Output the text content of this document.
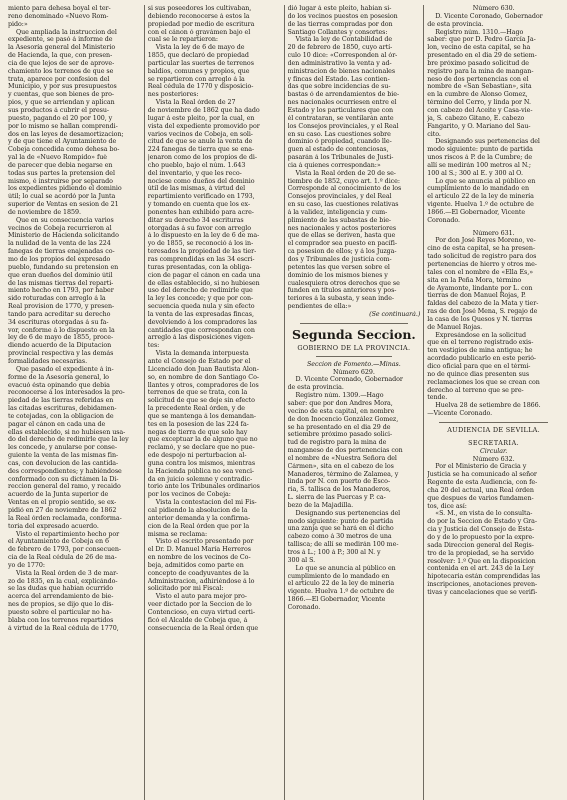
miento para dehesa boyal el ter-
reno denominado «Nuevo Rom-
pido:»
Que ampliada la instruccion del
expediente, se pasó á informe de
la Asesoría general del Ministerio
de Hacienda, la que, con presen-
cia de que lejos de ser de aprove-
chamiento los terrenos de que se
trata, aparece por confesion del
Municipio, y por sus presupuestos
y cuentas, que son bienes de pro-
pios, y que se arriendan y aplican
sus productos á cubrir el presu-
puesto, pagando el 20 por 100, y
por lo mismo se hallan comprendi-
dos en las leyes de desamortizacion;
y de que tiene el Ayuntamiento de
Cobeja concedida como dehesa bo-
yal la de «Nuevo Rompido» fuè
de parecer que debia negarse en
todas sus partes la pretension del
mismo, é instruirse por separado
los expedientes pidiendo el dominio
útil; lo cual se acordó por la Junta
superior de Ventas en sesion de 21
de noviembre de 1859.
Que en su consecuencia varios
vecinos de Cobeja recurrieron al
Ministerio de Hacienda solicitando
la nulidad de la venta de las 224
fanegas de tierras enajenadas co-
mo de los propios del expresado
pueblo, fundando su pretension en
que eran dueños del dominio útil
de las mismas tierras del reparti-
miento hecho en 1793, por haber
sido roturadas con arreglo á la
Real provision de 1770, y presen-
tando para acreditar su derecho
34 escrituras otorgadas á su fa-
vor, conforme á lo dispuesto en la
ley de 6 de mayo de 1855, proce-
diendo acuerdo de la Diputacion
provincial respectiva y las demás
formalidades necesarias.
Que pasado el expediente á in-
forme de la Asesoría general, lo
evacuó ésta opinando que debia
reconocerse á los interesados la pro-
piedad de las tierras referidas en
las citadas escrituras, debidamen-
te cotejadas, con la obligacion de
pagar el cánon en cada una de
ellas establecido, si no hubiesen usa-
do del derecho de redimirle que la ley
les concede, y anularse por conse-
guiente la venta de las mismas fin-
cas, con devolucion de las cantida-
des correspondientes; y habiéndose
conformado con su dictámen la Di-
reccion general del ramo, y recaido
acuerdo de la Junta superior de
Ventas en el propio sentido, se ex-
pidió en 27 de noviembre de 1862
la Real órden reclamada, conforma-
toria del expresado acuerdo.
Visto el repartimiento hecho por
el Ayuntamiento de Cobeja en 6
de febrero de 1793, por consecuen-
cia de la Real cédula de 26 de ma-
yo de 1770:
Vista la Real órden de 3 de mar-
zo de 1835, en la cual, explicándo-
se las dudas que habian ocurrido
acerca del arrendamiento de bie-
nes de propios, se dijo que lo dis-
puesto sobre el particular no ha-
blaba con los terrenos repartidos
á virtud de la Real cédula de 1770,
si sus poseedores los cultivaban,
debiendo reconocerse á estos la
propiedad por medio de escritura
con el cánon ó gravámen bajo el
cual se le repartieron:
Vista la ley de 6 de mayo de
1855, que declaró de propiedad
particular las suertes de terrenos
baldíos, comunes y propios, que
se repartieron con arreglo á la
Real cédula de 1770 y disposicio-
nes posteriores:
Vista la Real órden de 27
de noviembre de 1862 que ha dado
lugar á este pleito, por la cual, en
vista del expediente promovido por
varios vecinos de Cobeja, en soli-
citud de que se anule la venta de
224 fanegas de tierra que se ena-
jenaron como de los propios de di-
cho pueblo, bajo el núm. 1.643
del inventario, y que les reco-
nociese como dueños del dominio
útil de las mismas, á virtud del
repartimiento verificado en 1793,
y tomando en cuenta que los ex-
ponentes han exhibido para acre-
ditar su derecho 34 escrituras
otorgadas á su favor con arreglo
á lo dispuesto en la ley de 6 de ma-
yo de 1855, se reconoció á los in-
teresados la propiedad de las tier-
ras comprendidas en las 34 escri-
turas presentadas, con la obliga-
cion de pagar el cánon en cada una
de ellas establecido, si no hubiesen
uso del derecho de redimirle que
la ley les concede; y que por con-
secuencia queda nula y sin efecto
la venta de las expresadas fincas,
devolviendo á los compradores las
cantidades que correspondan con
arreglo á las disposiciones vigen-
tes:
Vista la demanda interpuesta
ante el Consejo de Estado por el
Licenciado don Juan Bautista Alon-
so, en nombre de don Santiago Co-
llantes y otros, compradores de los
terrenos de que se trata, con la
solicitud de que se deje sin efecto
la precedente Real órden, y de
que se mantenga á los demandan-
tes en la posesion de las 224 fa-
negas de tierra de que solo hay
que exceptuar la de alguno que no
reclamó, y se declare que no pue-
ede despojo ni perturbacion al-
guna contra los mismos, mientras
la Hacienda pública no sea venci-
da en juicio solemne y contradic-
torio ante los Tribunales ordinarios
por los vecinos de Cobeja:
Vista la contestacion del mi Fis-
cal pidiendo la absolucion de la
anterior demanda y la confirma-
cion de la Real órden que por la
misma se reclama:
Visto el escrito presentado por
el Dr. D. Manuel María Herreros
en nombre de los vecinos de Co-
beja, admitidos como parte en
concepto de coadyuvantes de la
Administracion, adhiriéndose á lo
solicitado por mi Fiscal:
Visto el auto para mejor pro-
veer dictado por la Seccion de lo
Contencioso, en cuya virtud certi-
ficó el Alcalde de Cobeja que, á
consecuencia de la Real órden que
dió lugar á este pleito, habian si-
do los vecinos puestos en posesion
de las tierras compradas por don
Santiago Collantes y consortes:
Vista la ley de Contabilidad de
20 de febrero de 1850, cuyo artí-
culo 10 dice: «Corresponden al ór-
den administrativo la venta y ad-
ministracion de bienes nacionales
y fincas del Estado. Las contien-
das que sobre incidencias de su-
bastas ó de arrendamientos de bie-
nes nacionales ocurriesen entre el
Estado y los particulares que con
él contrataran, se ventilarán ante
los Consejos provinciales, y el Real
en su caso. Las cuestiones sobre
dominio ó propiedad, cuando lle-
guen al estado de contenciosas,
pasarán á los Tribunales de Justi-
cia á quienes correspondan:»
Vista la Real órden de 20 de se-
tiembre de 1852, cuyo art. 1.º dice:
Corresponde al conocimiento de los
Consejos provinciales, y del Real
en su caso, las cuestiones relativas
á la validez, inteligencia y cum-
plimiento de las subastas de bie-
nes nacionales y actos posteriores
que de ellas se deriven, hasta que
el comprador sea puesto en pacífi-
ca posesion de ellos; y á los Juzga-
dos y Tribunales de justicia com-
petentes las que versen sobre el
dominio de los mismos bienes y
cualesquiera otros derechos que se
funden en títulos anteriores y pos-
teriores á la subasta, y sean inde-
pendientes de ella:»
(Se continuará.)
Segunda Seccion.
GOBIERNO DE LA PROVINCIA.
Seccion de Fomento.—Minas.
Número 629.
D. Vicente Coronado, Gobernador
de esta provincia.
Registro núm. 1309.—Hago
saber: que por don Andres Mora,
vecino de esta capital, en nombre
de don Inocencio González Gomez,
se ha presentado en el dia 29 de
setiembre próximo pasado solici-
tud de registro para la mina de
manganeso de dos pertenencias con
el nombre de «Nuestra Señora del
Cármen», sita en el cabezo de los
Manaderos, término de Zalamea, y
linda por N. con puerto de Esco-
ria, S. tallisca de los Manaderos,
L. sierra de las Puercas y P. ca-
bezo de la Majadilla.
Designando sus pertenencias del
modo siguiente: punto de partida
una zanja que se hará en el dicho
cabezo como á 30 metros de una
tallisca; de allí se medirán 100 me-
tros á L.; 100 á P.; 300 al N. y
300 al S.
Lo que se anuncia al público en
cumplimiento de lo mandado en
el artículo 22 de la ley de minería
vigente. Huelva 1.º de octubre de
1866.—El Gobernador, Vicente
Coronado.
Número 630.
D. Vicente Coronado, Gobernador
de esta provincia.
Registro núm. 1310.—Hago
saber: que por D. Pedro García Ja-
lon, vecino de esta capital, se ha
presentado en el dia 29 de setiem-
bre próximo pasado solicitud de
registro para la mina de mangan-
neso de dos pertenencias con el
nombre de «San Sebastian», sita
en la cumbre de Alonso Gomez,
término del Cerro, y linda por N.
con cabezo del Aceite y Casa-vie-
ja, S. cabezo Gitano, E. cabezo
Fangarito, y O. Mariano del Sau-
cito.
Designando sus pertenencias del
modo siguiente: punto de partida
unos riscos á P. de la Cumbre; de
allí se medirán 100 metros al N.;
100 al S.; 300 al E. y 300 al O.
Lo que se anuncia al público en
cumplimiento de lo mandado en
el artículo 22 de la ley de minería
vigente. Huelva 1.º de octubre de
1866.—El Gobernador, Vicente
Coronado.
Número 631.
Por don José Reyes Moreno, ve-
cino de esta capital, se ha presen-
tado solicitud de registro para dos
pertenencias de hierro y otros me-
tales con el nombre de «Ella Es,»
sita en la Peña Mora, término
de Ayamonte, lindante por L. con
tierras de don Manuel Rojas, P.
faldas del cabezo de la Mata y tier-
ras de don José Mena, S. regajo de
la casa de los Quesos y N. tierras
de Manuel Rojas.
Expresándose en la solicitud
que en el terreno registrado exis-
ten vestigios de mina antigua; he
acordado publicarlo en este perió-
dico oficial para que en el térmi-
no de quince dias presenten sus
reclamaciones los que se crean con
derecho al terreno que se pre-
tende.
Huelva 28 de setiembre de 1866.
—Vicente Coronado.
AUDIENCIA DE SEVILLA.
SECRETARÍA.
Circular.
Número 632.
Por el Ministerio de Gracia y
Justicia se ha comunicado al señor
Regente de esta Audiencia, con fe-
cha 20 del actual, una Real órden
que despues de varios fundamen-
tos, dice así:
«S. M., en vista de lo consulta-
do por la Seccion de Estado y Gra-
cia y Justicia del Consejo de Esta-
do y de lo propuesto por la expre-
sada Direccion general del Regis-
tro de la propiedad, se ha servido
resolver: 1.º Que en la disposicion
contenida en el art. 243 de la Ley
hipotecaria están comprendidas las
inscripciones, anotaciones preven-
tivas y cancelaciones que se verifi-
